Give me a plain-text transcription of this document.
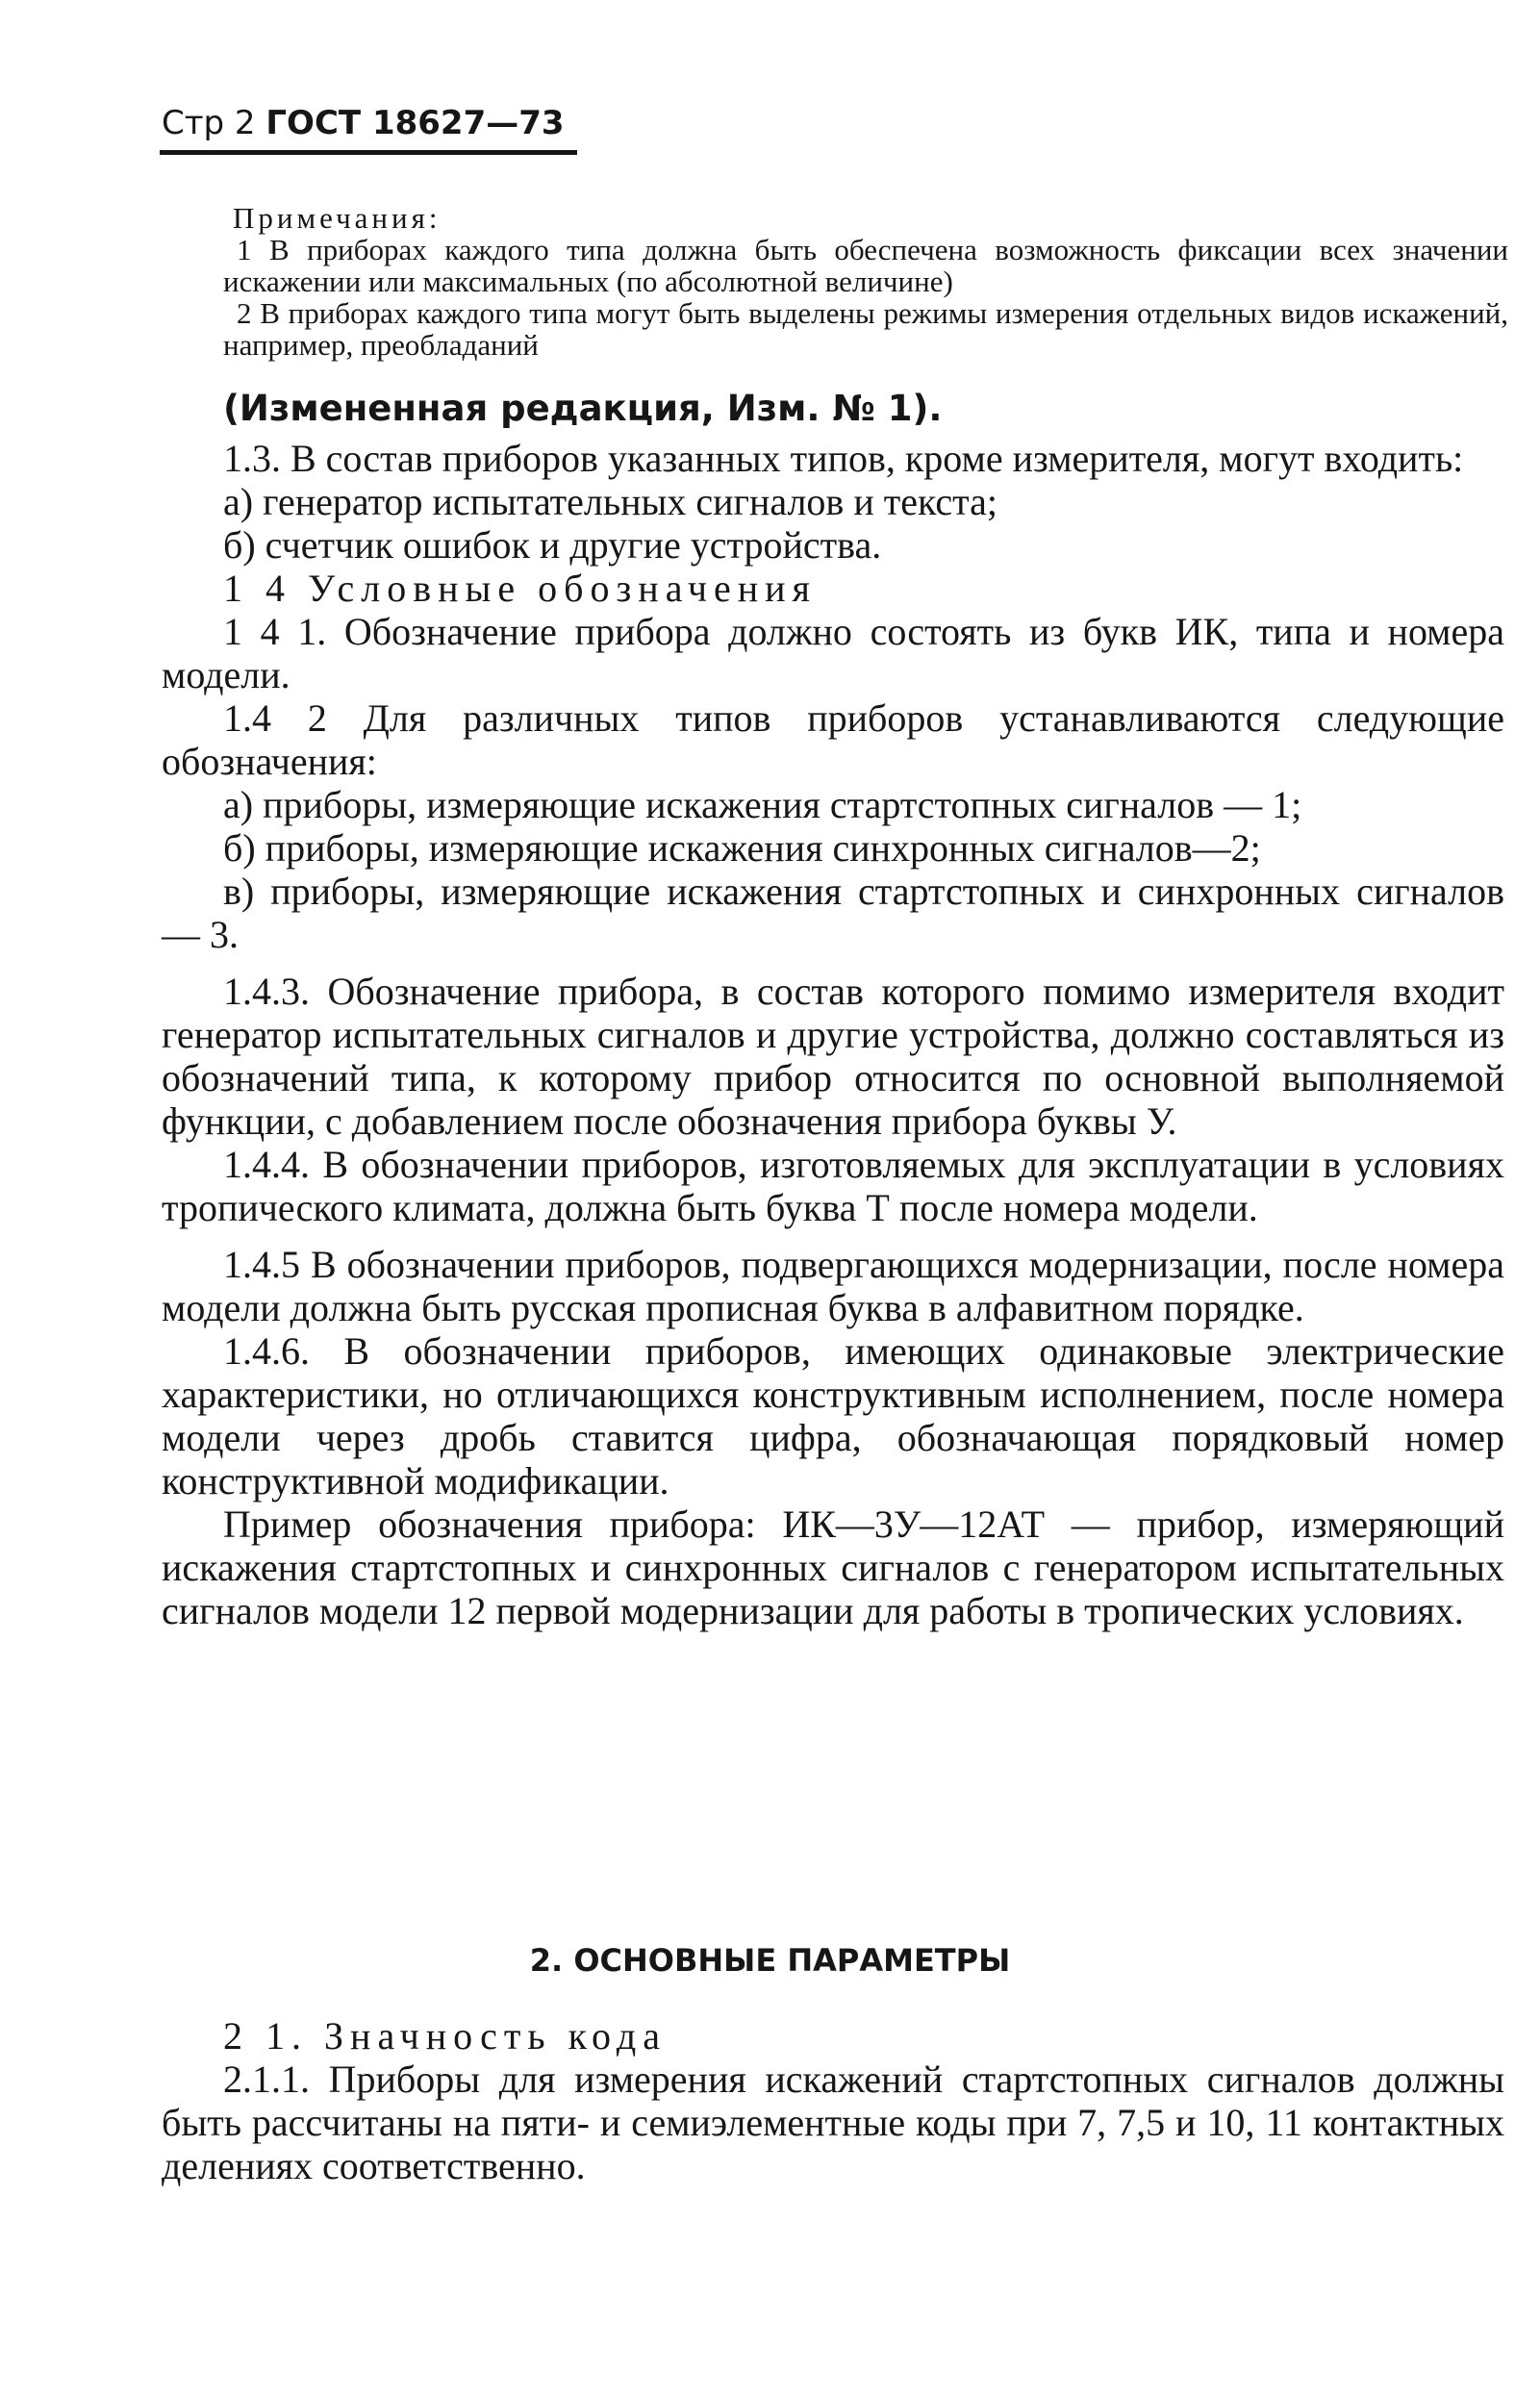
Стр 2 ГОСТ 18627—73

Примечания:

1 В приборах каждого типа должна быть обеспечена возможность фиксации всех значении искажении или максимальных (по абсолютной величине)

2 В приборах каждого типа могут быть выделены режимы измерения отдельных видов искажений, например, преобладаний

(Измененная редакция, Изм. № 1).

1.3. В состав приборов указанных типов, кроме измерителя, могут входить:

а) генератор испытательных сигналов и текста;

б) счетчик ошибок и другие устройства.

1 4 Условные обозначения

1 4 1. Обозначение прибора должно состоять из букв ИК, типа и номера модели.

1.4 2 Для различных типов приборов устанавливаются следующие обозначения:

а) приборы, измеряющие искажения стартстопных сигналов — 1;

б) приборы, измеряющие искажения синхронных сигналов—2;

в) приборы, измеряющие искажения стартстопных и синхронных сигналов — 3.

1.4.3. Обозначение прибора, в состав которого помимо измерителя входит генератор испытательных сигналов и другие устройства, должно составляться из обозначений типа, к которому прибор относится по основной выполняемой функции, с добавлением после обозначения прибора буквы У.

1.4.4. В обозначении приборов, изготовляемых для эксплуатации в условиях тропического климата, должна быть буква Т после номера модели.

1.4.5 В обозначении приборов, подвергающихся модернизации, после номера модели должна быть русская прописная буква в алфавитном порядке.

1.4.6. В обозначении приборов, имеющих одинаковые электрические характеристики, но отличающихся конструктивным исполнением, после номера модели через дробь ставится цифра, обозначающая порядковый номер конструктивной модификации.

Пример обозначения прибора: ИК—3У—12АТ — прибор, измеряющий искажения стартстопных и синхронных сигналов с генератором испытательных сигналов модели 12 первой модернизации для работы в тропических условиях.

2. ОСНОВНЫЕ ПАРАМЕТРЫ

2 1. Значность кода

2.1.1. Приборы для измерения искажений стартстопных сигналов должны быть рассчитаны на пяти- и семиэлементные коды при 7, 7,5 и 10, 11 контактных делениях соответственно.
